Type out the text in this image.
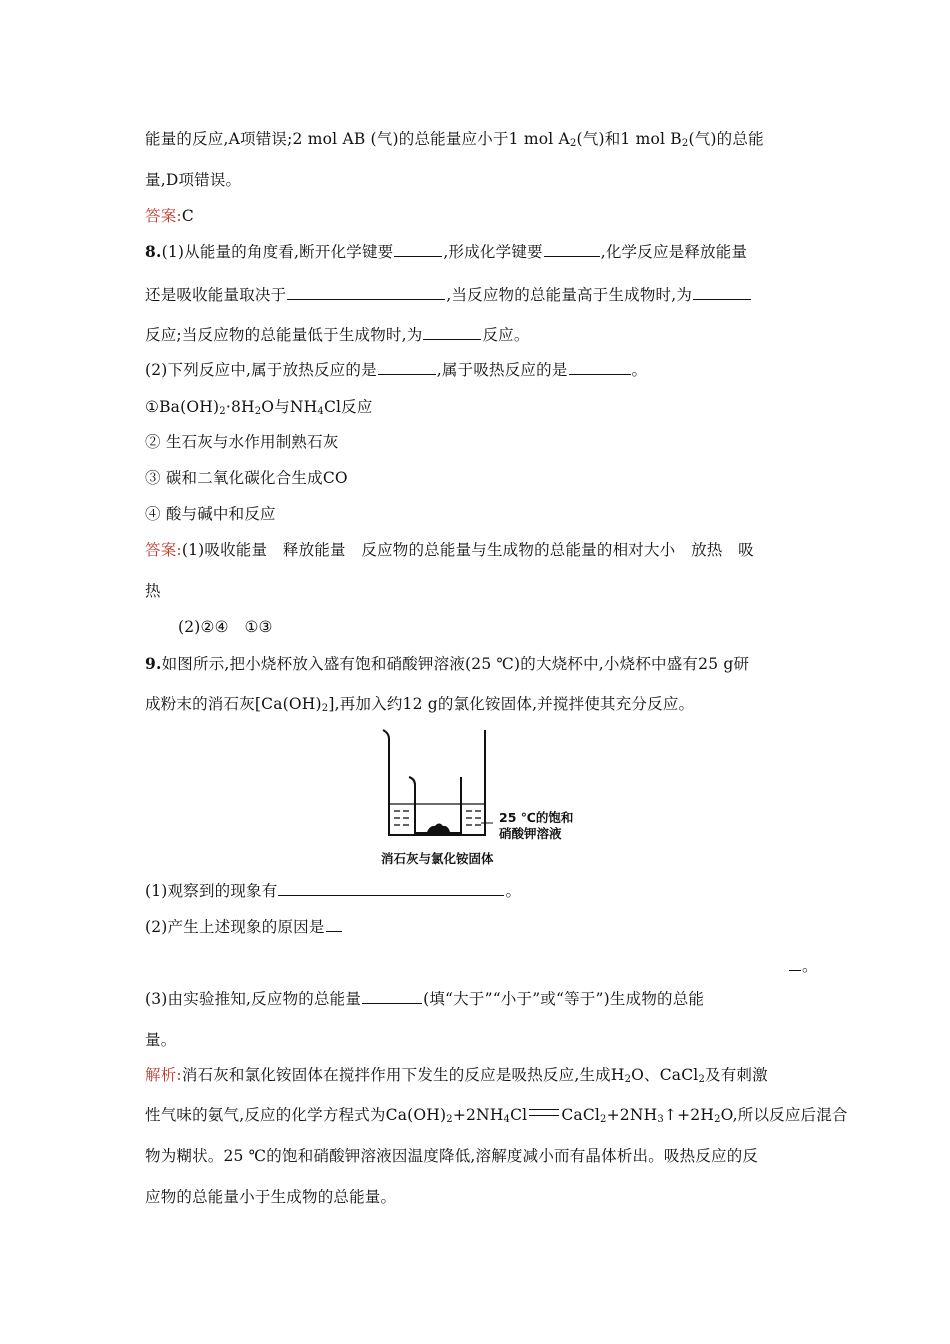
能量的反应,A项错误;2 mol AB (气)的总能量应小于1 mol $A_2$(气)和1 mol $B_2$(气)的总能
量,D项错误。
答案:C
8.(1)从能量的角度看,断开化学键要	,形成化学键要	,化学反应是释放能量
还是吸收能量取决于	,当反应物的总能量高于生成物时,为
反应;当反应物的总能量低于生成物时,为	反应。
(2)下列反应中,属于放热反应的是	,属于吸热反应的是	。
$①Ba(OH)_2\cdot 8H_2O$与$NH_4Cl$反应
② 生石灰与水作用制熟石灰
③ 碳和二氧化碳化合生成CO
④ 酸与碱中和反应
答案:(1)吸收能量　释放能量　反应物的总能量与生成物的总能量的相对大小　放热　吸
热
(2)②④　①③
9.如图所示,把小烧杯放入盛有饱和硝酸钾溶液(25 ℃)的大烧杯中,小烧杯中盛有25 g研
成粉末的消石灰$[Ca(OH)_2]$,再加入约12 g的氯化铵固体,并搅拌使其充分反应。
25 ℃的饱和
硝酸钾溶液
消石灰与氯化铵固体
(1)观察到的现象有	。
(2)产生上述现象的原因是
。
(3)由实验推知,反应物的总能量	(填“大于”“小于”或“等于”)生成物的总能
量。
解析:消石灰和氯化铵固体在搅拌作用下发生的反应是吸热反应,生成$H_2O$、CaCl$_2$及有刺激
性气味的氨气,反应的化学方程式为$Ca(OH)_2+2NH_4Cl$ $CaCl_2+2NH_3↑+2H_2O$,所以反应后混合
物为糊状。25 ℃的饱和硝酸钾溶液因温度降低,溶解度减小而有晶体析出。吸热反应的反
应物的总能量小于生成物的总能量。
